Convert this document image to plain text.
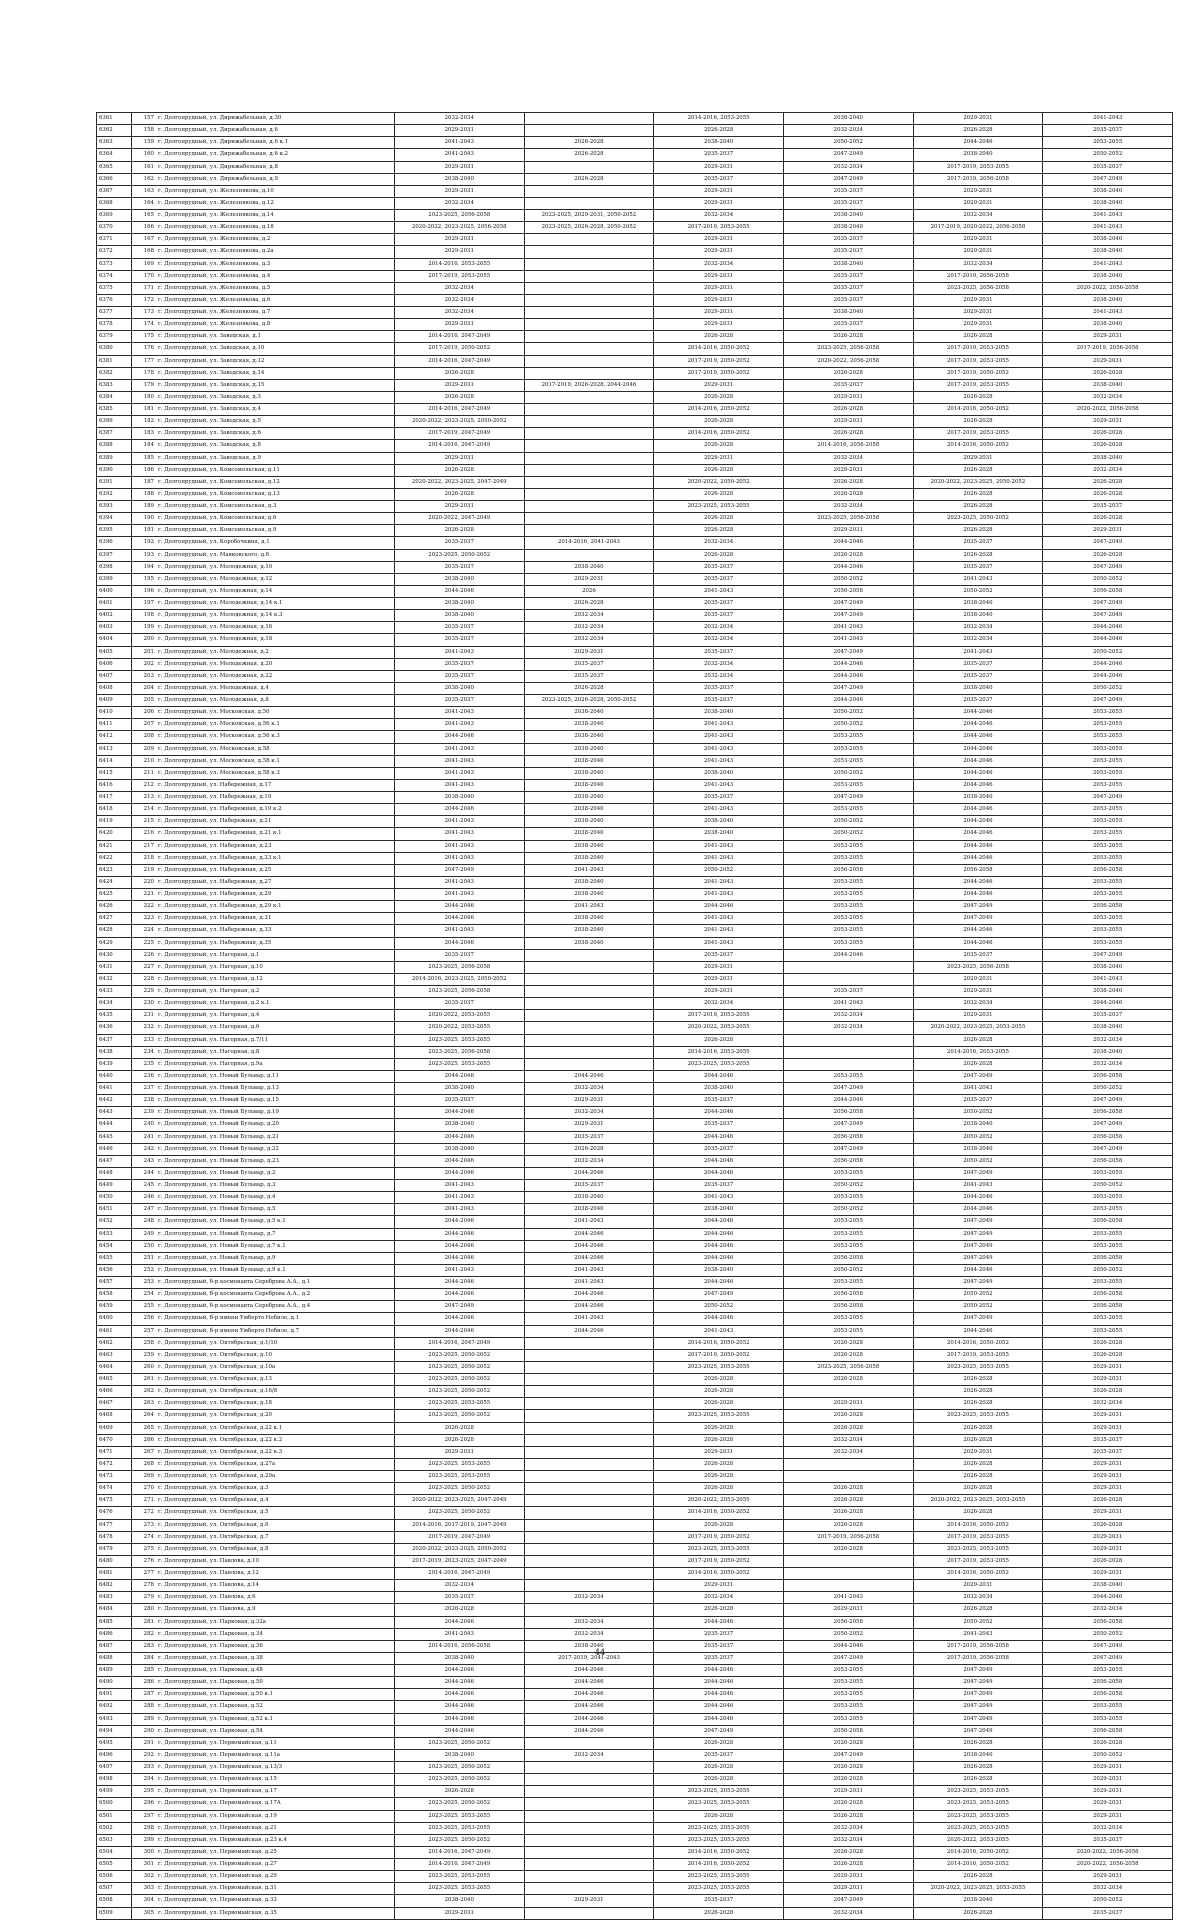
6361	157	г. Долгопрудный, ул. Дирижабельная, д.30	2032-2034		2014-2016, 2053-2055	2038-2040	2029-2031	2041-2043
6362	158	г. Долгопрудный, ул. Дирижабельная, д.6	2029-2031		2026-2028	2032-2034	2026-2028	2035-2037
6363	159	г. Долгопрудный, ул. Дирижабельная, д.6 к.1	2041-2043	2026-2028	2038-2040	2050-2052	2044-2046	2053-2055
6364	160	г. Долгопрудный, ул. Дирижабельная, д.6 к.2	2041-2043	2026-2028	2035-2037	2047-2049	2038-2040	2050-2052
6365	161	г. Долгопрудный, ул. Дирижабельная, д.8	2029-2031		2029-2031	2032-2034	2017-2019, 2053-2055	2035-2037
6366	162	г. Долгопрудный, ул. Дирижабельная, д.9	2038-2040	2026-2028	2035-2037	2047-2049	2017-2019, 2056-2058	2047-2049
6367	163	г. Долгопрудный, ул. Железнякова, д.10	2029-2031		2029-2031	2035-2037	2029-2031	2038-2040
6368	164	г. Долгопрудный, ул. Железнякова, д.12	2032-2034		2029-2031	2035-2037	2029-2031	2038-2040
6369	165	г. Долгопрудный, ул. Железнякова, д.14	2023-2025, 2056-2058	2023-2025, 2029-2031, 2050-2052	2032-2034	2038-2040	2032-2034	2041-2043
6370	166	г. Долгопрудный, ул. Железнякова, д.18	2020-2022, 2023-2025, 2056-2058	2023-2025, 2026-2028, 2050-2052	2017-2019, 2053-2055	2038-2040	2017-2019, 2020-2022, 2056-2058	2041-2043
6371	167	г. Долгопрудный, ул. Железнякова, д.2	2029-2031		2029-2031	2035-2037	2029-2031	2038-2040
6372	168	г. Долгопрудный, ул. Железнякова, д.2а	2029-2031		2029-2031	2035-2037	2029-2031	2038-2040
6373	169	г. Долгопрудный, ул. Железнякова, д.3	2014-2016, 2053-2055		2032-2034	2038-2040	2032-2034	2041-2043
6374	170	г. Долгопрудный, ул. Железнякова, д.4	2017-2019, 2053-2055		2029-2031	2035-2037	2017-2019, 2056-2058	2038-2040
6375	171	г. Долгопрудный, ул. Железнякова, д.5	2032-2034		2029-2031	2035-2037	2023-2025, 2056-2058	2020-2022, 2056-2058
6376	172	г. Долгопрудный, ул. Железнякова, д.6	2032-2034		2029-2031	2035-2037	2029-2031	2038-2040
6377	173	г. Долгопрудный, ул. Железнякова, д.7	2032-2034		2029-2031	2038-2040	2029-2031	2041-2043
6378	174	г. Долгопрудный, ул. Железнякова, д.8	2029-2031		2029-2031	2035-2037	2029-2031	2038-2040
6379	175	г. Долгопрудный, ул. Заводская, д.1	2014-2016, 2047-2049		2026-2028	2026-2028	2026-2028	2029-2031
6380	176	г. Долгопрудный, ул. Заводская, д.10	2017-2019, 2050-2052		2014-2016, 2050-2052	2023-2025, 2056-2058	2017-2019, 2053-2055	2017-2019, 2056-2058
6381	177	г. Долгопрудный, ул. Заводская, д.12	2014-2016, 2047-2049		2017-2019, 2050-2052	2020-2022, 2056-2058	2017-2019, 2053-2055	2029-2031
6382	178	г. Долгопрудный, ул. Заводская, д.14	2026-2028		2017-2019, 2050-2052	2026-2028	2017-2019, 2050-2052	2026-2028
6383	179	г. Долгопрудный, ул. Заводская, д.15	2029-2031	2017-2019, 2026-2028, 2044-2046	2029-2031	2035-2037	2017-2019, 2053-2055	2038-2040
6384	180	г. Долгопрудный, ул. Заводская, д.3	2026-2028		2026-2028	2029-2031	2026-2028	2032-2034
6385	181	г. Долгопрудный, ул. Заводская, д.4	2014-2016, 2047-2049		2014-2016, 2050-2052	2026-2028	2014-2016, 2050-2052	2020-2022, 2056-2058
6386	182	г. Долгопрудный, ул. Заводская, д.5	2020-2022, 2023-2025, 2050-2052		2026-2028	2029-2031	2026-2028	2029-2031
6387	183	г. Долгопрудный, ул. Заводская, д.6	2017-2019, 2047-2049		2014-2016, 2050-2052	2026-2028	2017-2019, 2053-2055	2026-2028
6388	184	г. Долгопрудный, ул. Заводская, д.8	2014-2016, 2047-2049		2026-2028	2014-2016, 2056-2058	2014-2016, 2050-2052	2026-2028
6389	185	г. Долгопрудный, ул. Заводская, д.9	2029-2031		2029-2031	2032-2034	2029-2031	2038-2040
6390	186	г. Долгопрудный, ул. Комсомольская, д.11	2026-2028		2026-2028	2029-2031	2026-2028	2032-2034
6391	187	г. Долгопрудный, ул. Комсомольская, д.12	2020-2022, 2023-2025, 2047-2049		2020-2022, 2050-2052	2026-2028	2020-2022, 2023-2025, 2050-2052	2026-2028
6392	188	г. Долгопрудный, ул. Комсомольская, д.13	2026-2028		2026-2028	2026-2028	2026-2028	2026-2028
6393	189	г. Долгопрудный, ул. Комсомольская, д.3	2029-2031		2023-2025, 2053-2055	2032-2034	2026-2028	2035-2037
6394	190	г. Долгопрудный, ул. Комсомольская, д.6	2020-2022, 2047-2049		2026-2028	2023-2025, 2056-2058	2023-2025, 2050-2052	2026-2028
6395	191	г. Долгопрудный, ул. Комсомольская, д.9	2026-2028		2026-2028	2029-2031	2026-2028	2029-2031
6396	192	г. Долгопрудный, ул. Коробочкина, д.1	2035-2037	2014-2016, 2041-2043	2032-2034	2044-2046	2035-2037	2047-2049
6397	193	г. Долгопрудный, ул. Маяковского, д.6	2023-2025, 2050-2052		2026-2028	2026-2028	2026-2028	2026-2028
6398	194	г. Долгопрудный, ул. Молодежная, д.10	2035-2037	2038-2040	2035-2037	2044-2046	2035-2037	2047-2049
6399	195	г. Долгопрудный, ул. Молодежная, д.12	2038-2040	2029-2031	2035-2037	2050-2052	2041-2043	2050-2052
6400	196	г. Долгопрудный, ул. Молодежная, д.14	2044-2046	2026	2041-2043	2056-2058	2050-2052	2056-2058
6401	197	г. Долгопрудный, ул. Молодежная, д.14 к.1	2038-2040	2026-2028	2035-2037	2047-2049	2038-2040	2047-2049
6402	198	г. Долгопрудный, ул. Молодежная, д.14 к.3	2038-2040	2032-2034	2035-2037	2047-2049	2038-2040	2047-2049
6403	199	г. Долгопрудный, ул. Молодежная, д.16	2035-2037	2032-2034	2032-2034	2041-2043	2032-2034	2044-2046
6404	200	г. Долгопрудный, ул. Молодежная, д.18	2035-2037	2032-2034	2032-2034	2041-2043	2032-2034	2044-2046
6405	201	г. Долгопрудный, ул. Молодежная, д.2	2041-2043	2029-2031	2035-2037	2047-2049	2041-2043	2050-2052
6406	202	г. Долгопрудный, ул. Молодежная, д.20	2035-2037	2035-2037	2032-2034	2044-2046	2035-2037	2044-2046
6407	203	г. Долгопрудный, ул. Молодежная, д.22	2035-2037	2035-2037	2032-2034	2044-2046	2035-2037	2044-2046
6408	204	г. Долгопрудный, ул. Молодежная, д.4	2038-2040	2026-2028	2035-2037	2047-2049	2038-2040	2050-2052
6409	205	г. Долгопрудный, ул. Молодежная, д.8	2035-2037	2023-2025, 2026-2028, 2050-2052	2035-2037	2044-2046	2035-2037	2047-2049
6410	206	г. Долгопрудный, ул. Московская, д.50	2041-2043	2038-2040	2038-2040	2050-2052	2044-2046	2053-2055
6411	207	г. Долгопрудный, ул. Московская, д.56 к.1	2041-2043	2038-2040	2041-2043	2050-2052	2044-2046	2053-2055
6412	208	г. Долгопрудный, ул. Московская, д.56 к.3	2044-2046	2038-2040	2041-2043	2053-2055	2044-2046	2053-2055
6413	209	г. Долгопрудный, ул. Московская, д.58	2041-2043	2038-2040	2041-2043	2053-2055	2044-2046	2053-2055
6414	210	г. Долгопрудный, ул. Московская, д.58 к.1	2041-2043	2038-2040	2041-2043	2053-2055	2044-2046	2053-2055
6415	211	г. Долгопрудный, ул. Московская, д.58 к.3	2041-2043	2038-2040	2038-2040	2050-2052	2044-2046	2053-2055
6416	212	г. Долгопрудный, ул. Набережная, д.17	2041-2043	2038-2040	2041-2043	2053-2055	2044-2046	2053-2055
6417	213	г. Долгопрудный, ул. Набережная, д.19	2038-2040	2038-2040	2035-2037	2047-2049	2038-2040	2047-2049
6418	214	г. Долгопрудный, ул. Набережная, д.19 к.2	2044-2046	2038-2040	2041-2043	2053-2055	2044-2046	2053-2055
6419	215	г. Долгопрудный, ул. Набережная, д.21	2041-2043	2038-2040	2038-2040	2050-2052	2044-2046	2053-2055
6420	216	г. Долгопрудный, ул. Набережная, д.21 к.1	2041-2043	2038-2040	2038-2040	2050-2052	2044-2046	2053-2055
6421	217	г. Долгопрудный, ул. Набережная, д.23	2041-2043	2038-2040	2041-2043	2053-2055	2044-2046	2053-2055
6422	218	г. Долгопрудный, ул. Набережная, д.23 к.1	2041-2043	2038-2040	2041-2043	2053-2055	2044-2046	2053-2055
6423	219	г. Долгопрудный, ул. Набережная, д.25	2047-2049	2041-2043	2050-2052	2056-2058	2056-2058	2056-2058
6424	220	г. Долгопрудный, ул. Набережная, д.27	2041-2043	2038-2040	2041-2043	2053-2055	2044-2046	2053-2055
6425	221	г. Долгопрудный, ул. Набережная, д.29	2041-2043	2038-2040	2041-2043	2053-2055	2044-2046	2053-2055
6426	222	г. Долгопрудный, ул. Набережная, д.29 к.1	2044-2046	2041-2043	2044-2046	2053-2055	2047-2049	2056-2058
6427	223	г. Долгопрудный, ул. Набережная, д.31	2044-2046	2038-2040	2041-2043	2053-2055	2047-2049	2053-2055
6428	224	г. Долгопрудный, ул. Набережная, д.33	2041-2043	2038-2040	2041-2043	2053-2055	2044-2046	2053-2055
6429	225	г. Долгопрудный, ул. Набережная, д.35	2044-2046	2038-2040	2041-2043	2053-2055	2044-2046	2053-2055
6430	226	г. Долгопрудный, ул. Нагорная, д.1	2035-2037		2035-2037	2044-2046	2035-2037	2047-2049
6431	227	г. Долгопрудный, ул. Нагорная, д.10	2023-2025, 2056-2058		2029-2031		2023-2025, 2056-2058	2038-2040
6432	228	г. Долгопрудный, ул. Нагорная, д.12	2014-2016, 2023-2025, 2050-2052		2029-2031		2029-2031	2041-2043
6433	229	г. Долгопрудный, ул. Нагорная, д.2	2023-2025, 2056-2058		2029-2031	2035-2037	2029-2031	2038-2040
6434	230	г. Долгопрудный, ул. Нагорная, д.2 к.1	2035-2037		2032-2034	2041-2043	2032-2034	2044-2046
6435	231	г. Долгопрудный, ул. Нагорная, д.4	2020-2022, 2053-2055		2017-2019, 2053-2055	2032-2034	2029-2031	2035-2037
6436	232	г. Долгопрудный, ул. Нагорная, д.6	2020-2022, 2053-2055		2020-2022, 2053-2055	2032-2034	2020-2022, 2023-2025, 2053-2055	2038-2040
6437	233	г. Долгопрудный, ул. Нагорная, д.7/11	2023-2025, 2053-2055		2026-2028		2026-2028	2032-2034
6438	234	г. Долгопрудный, ул. Нагорная, д.8	2023-2025, 2056-2058		2014-2016, 2053-2055		2014-2016, 2053-2055	2038-2040
6439	235	г. Долгопрудный, ул. Нагорная, д.9а	2023-2025, 2053-2055		2023-2025, 2053-2055		2026-2028	2032-2034
6440	236	г. Долгопрудный, ул. Новый Бульвар, д.11	2044-2046	2044-2046	2044-2046	2053-2055	2047-2049	2056-2058
6441	237	г. Долгопрудный, ул. Новый Бульвар, д.13	2038-2040	2032-2034	2038-2040	2047-2049	2041-2043	2050-2052
6442	238	г. Долгопрудный, ул. Новый Бульвар, д.15	2035-2037	2029-2031	2035-2037	2044-2046	2035-2037	2047-2049
6443	239	г. Долгопрудный, ул. Новый Бульвар, д.19	2044-2046	2032-2034	2044-2046	2056-2058	2050-2052	2056-2058
6444	240	г. Долгопрудный, ул. Новый Бульвар, д.20	2038-2040	2029-2031	2035-2037	2047-2049	2038-2040	2047-2049
6445	241	г. Долгопрудный, ул. Новый Бульвар, д.21	2044-2046	2035-2037	2044-2046	2056-2058	2050-2052	2056-2058
6446	242	г. Долгопрудный, ул. Новый Бульвар, д.22	2038-2040	2026-2028	2035-2037	2047-2049	2038-2040	2047-2049
6447	243	г. Долгопрудный, ул. Новый Бульвар, д.23	2044-2046	2032-2034	2044-2046	2056-2058	2050-2052	2056-2058
6448	244	г. Долгопрудный, ул. Новый Бульвар, д.2	2044-2046	2044-2046	2044-2046	2053-2055	2047-2049	2053-2055
6449	245	г. Долгопрудный, ул. Новый Бульвар, д.3	2041-2043	2035-2037	2035-2037	2050-2052	2041-2043	2050-2052
6450	246	г. Долгопрудный, ул. Новый Бульвар, д.4	2041-2043	2038-2040	2041-2043	2053-2055	2044-2046	2053-2055
6451	247	г. Долгопрудный, ул. Новый Бульвар, д.5	2041-2043	2038-2040	2038-2040	2050-2052	2044-2046	2053-2055
6452	248	г. Долгопрудный, ул. Новый Бульвар, д.5 к.1	2044-2046	2041-2043	2044-2046	2053-2055	2047-2049	2056-2058
6453	249	г. Долгопрудный, ул. Новый Бульвар, д.7	2044-2046	2044-2046	2044-2046	2053-2055	2047-2049	2053-2055
6454	250	г. Долгопрудный, ул. Новый Бульвар, д.7 к.1	2044-2046	2044-2046	2044-2046	2053-2055	2047-2049	2053-2055
6455	251	г. Долгопрудный, ул. Новый Бульвар, д.9	2044-2046	2044-2046	2044-2046	2056-2058	2047-2049	2056-2058
6456	252	г. Долгопрудный, ул. Новый Бульвар, д.9 к.1	2041-2043	2041-2043	2038-2040	2050-2052	2044-2046	2050-2052
6457	253	г. Долгопрудный, б-р космонавта Сереброва А.А., д.1	2044-2046	2041-2043	2044-2046	2053-2055	2047-2049	2053-2055
6458	254	г. Долгопрудный, б-р космонавта Сереброва А.А., д.2	2044-2046	2044-2046	2047-2049	2056-2058	2050-2052	2056-2058
6459	255	г. Долгопрудный, б-р космонавта Сереброва А.А., д.4	2047-2049	2044-2046	2050-2052	2056-2058	2050-2052	2056-2058
6460	256	г. Долгопрудный, б-р имени Умберто Нобиле, д.1	2044-2046	2041-2043	2044-2046	2053-2055	2047-2049	2053-2055
6461	257	г. Долгопрудный, б-р имени Умберто Нобиле, д.7	2044-2046	2044-2046	2041-2043	2053-2055	2044-2046	2053-2055
6462	258	г. Долгопрудный, ул. Октябрьская, д.1/10	2014-2016, 2047-2049		2014-2016, 2050-2052	2026-2028	2014-2016, 2050-2052	2026-2028
6463	259	г. Долгопрудный, ул. Октябрьская, д.10	2023-2025, 2050-2052		2017-2019, 2050-2052	2026-2028	2017-2019, 2053-2055	2026-2028
6464	260	г. Долгопрудный, ул. Октябрьская, д.10а	2023-2025, 2050-2052		2023-2025, 2053-2055	2023-2025, 2056-2058	2023-2025, 2053-2055	2029-2031
6465	261	г. Долгопрудный, ул. Октябрьская, д.13	2023-2025, 2050-2052		2026-2028	2026-2028	2026-2028	2029-2031
6466	262	г. Долгопрудный, ул. Октябрьская, д.16/8	2023-2025, 2050-2052		2026-2028		2026-2028	2026-2028
6467	263	г. Долгопрудный, ул. Октябрьская, д.18	2023-2025, 2053-2055		2026-2028	2029-2031	2026-2028	2032-2034
6468	264	г. Долгопрудный, ул. Октябрьская, д.20	2023-2025, 2050-2052		2023-2025, 2053-2055	2026-2028	2023-2025, 2053-2055	2029-2031
6469	265	г. Долгопрудный, ул. Октябрьская, д.22 к.1	2026-2028		2026-2028	2026-2028	2026-2028	2029-2031
6470	266	г. Долгопрудный, ул. Октябрьская, д.22 к.2	2026-2028		2026-2028	2032-2034	2026-2028	2035-2037
6471	267	г. Долгопрудный, ул. Октябрьская, д.22 к.3	2029-2031		2029-2031	2032-2034	2029-2031	2035-2037
6472	268	г. Долгопрудный, ул. Октябрьская, д.27а	2023-2025, 2053-2055		2026-2028		2026-2028	2029-2031
6473	269	г. Долгопрудный, ул. Октябрьская, д.29а	2023-2025, 2053-2055		2026-2028		2026-2028	2029-2031
6474	270	г. Долгопрудный, ул. Октябрьская, д.3	2023-2025, 2050-2052		2026-2028	2026-2028	2026-2028	2029-2031
6475	271	г. Долгопрудный, ул. Октябрьская, д.4	2020-2022, 2023-2025, 2047-2049		2020-2022, 2053-2055	2026-2028	2020-2022, 2023-2025, 2053-2055	2026-2028
6476	272	г. Долгопрудный, ул. Октябрьская, д.5	2023-2025, 2050-2052		2014-2016, 2050-2052	2026-2028	2026-2028	2029-2031
6477	273	г. Долгопрудный, ул. Октябрьская, д.6	2014-2016, 2017-2019, 2047-2049		2026-2028	2026-2028	2014-2016, 2050-2052	2026-2028
6478	274	г. Долгопрудный, ул. Октябрьская, д.7	2017-2019, 2047-2049		2017-2019, 2050-2052	2017-2019, 2056-2058	2017-2019, 2053-2055	2029-2031
6479	275	г. Долгопрудный, ул. Октябрьская, д.8	2020-2022, 2023-2025, 2050-2052		2023-2025, 2053-2055	2026-2028	2023-2025, 2053-2055	2029-2031
6480	276	г. Долгопрудный, ул. Павлова, д.10	2017-2019, 2023-2025, 2047-2049		2017-2019, 2050-2052		2017-2019, 2053-2055	2026-2028
6481	277	г. Долгопрудный, ул. Павлова, д.12	2014-2016, 2047-2049		2014-2016, 2050-2052		2014-2016, 2050-2052	2029-2031
6482	278	г. Долгопрудный, ул. Павлова, д.14	2032-2034		2029-2031		2029-2031	2038-2040
6483	279	г. Долгопрудный, ул. Павлова, д.6	2035-2037	2032-2034	2032-2034	2041-2043	2032-2034	2044-2046
6484	280	г. Долгопрудный, ул. Павлова, д.9	2026-2028		2026-2028	2029-2031	2026-2028	2032-2034
6485	281	г. Долгопрудный, ул. Парковая, д.32а	2044-2046	2032-2034	2044-2046	2056-2058	2050-2052	2056-2058
6486	282	г. Долгопрудный, ул. Парковая, д.34	2041-2043	2032-2034	2035-2037	2050-2052	2041-2043	2050-2052
6487	283	г. Долгопрудный, ул. Парковая, д.36	2014-2016, 2056-2058	2038-2040	2035-2037	2044-2046	2017-2019, 2056-2058	2047-2049
6488	284	г. Долгопрудный, ул. Парковая, д.38	2038-2040	2017-2019, 2041-2043	2035-2037	2047-2049	2017-2019, 2056-2058	2047-2049
6489	285	г. Долгопрудный, ул. Парковая, д.48	2044-2046	2044-2046	2044-2046	2053-2055	2047-2049	2053-2055
6490	286	г. Долгопрудный, ул. Парковая, д.50	2044-2046	2044-2046	2044-2046	2053-2055	2047-2049	2056-2058
6491	287	г. Долгопрудный, ул. Парковая, д.50 к.1	2044-2046	2044-2046	2044-2046	2053-2055	2047-2049	2056-2058
6492	288	г. Долгопрудный, ул. Парковая, д.52	2044-2046	2044-2046	2044-2046	2053-2055	2047-2049	2053-2055
6493	289	г. Долгопрудный, ул. Парковая, д.52 к.1	2044-2046	2044-2046	2044-2046	2053-2055	2047-2049	2053-2055
6494	290	г. Долгопрудный, ул. Парковая, д.54	2044-2046	2044-2046	2047-2049	2056-2058	2047-2049	2056-2058
6495	291	г. Долгопрудный, ул. Первомайская, д.11	2023-2025, 2050-2052		2026-2028	2026-2028	2026-2028	2026-2028
6496	292	г. Долгопрудный, ул. Первомайская, д.11а	2038-2040	2032-2034	2035-2037	2047-2049	2038-2040	2050-2052
6497	293	г. Долгопрудный, ул. Первомайская, д.13/3	2023-2025, 2050-2052		2026-2028	2026-2028	2026-2028	2029-2031
6498	294	г. Долгопрудный, ул. Первомайская, д.15	2023-2025, 2050-2052		2026-2028	2026-2028	2026-2028	2029-2031
6499	295	г. Долгопрудный, ул. Первомайская, д.17	2026-2028		2023-2025, 2053-2055	2029-2031	2023-2025, 2053-2055	2029-2031
6500	296	г. Долгопрудный, ул. Первомайская, д.17А	2023-2025, 2050-2052		2023-2025, 2053-2055	2026-2028	2023-2025, 2053-2055	2029-2031
6501	297	г. Долгопрудный, ул. Первомайская, д.19	2023-2025, 2053-2055		2026-2028	2026-2028	2023-2025, 2053-2055	2029-2031
6502	298	г. Долгопрудный, ул. Первомайская, д.21	2023-2025, 2053-2055		2023-2025, 2053-2055	2032-2034	2023-2025, 2053-2055	2032-2034
6503	299	г. Долгопрудный, ул. Первомайская, д.23 к.4	2023-2025, 2050-2052		2023-2025, 2053-2055	2032-2034	2020-2022, 2053-2055	2035-2037
6504	300	г. Долгопрудный, ул. Первомайская, д.25	2014-2016, 2047-2049		2014-2016, 2050-2052	2026-2028	2014-2016, 2050-2052	2020-2022, 2056-2058
6505	301	г. Долгопрудный, ул. Первомайская, д.27	2014-2016, 2047-2049		2014-2016, 2050-2052	2026-2028	2014-2016, 2050-2052	2020-2022, 2056-2058
6506	302	г. Долгопрудный, ул. Первомайская, д.29	2023-2025, 2053-2055		2023-2025, 2053-2055	2029-2031	2026-2028	2029-2031
6507	303	г. Долгопрудный, ул. Первомайская, д.31	2023-2025, 2053-2055		2023-2025, 2053-2055	2029-2031	2020-2022, 2023-2025, 2053-2055	2032-2034
6508	304	г. Долгопрудный, ул. Первомайская, д.33	2038-2040	2029-2031	2035-2037	2047-2049	2038-2040	2050-2052
6509	305	г. Долгопрудный, ул. Первомайская, д.35	2029-2031		2026-2028	2032-2034	2026-2028	2035-2037
44
